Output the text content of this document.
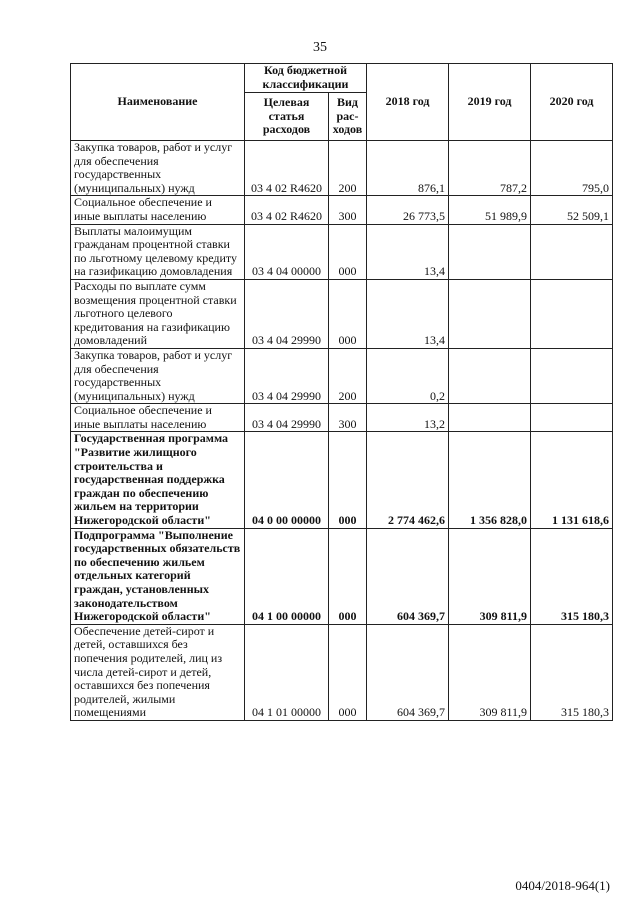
35
Наименование	Код бюджетной классификации		2018 год	2019 год	2020 год
	Целевая статья расходов	Вид рас-ходов			
Закупка товаров, работ и услуг для обеспечения государственных (муниципальных) нужд	03 4 02 R4620	200	876,1	787,2	795,0
Социальное обеспечение и иные выплаты населению	03 4 02 R4620	300	26 773,5	51 989,9	52 509,1
Выплаты малоимущим гражданам процентной ставки по льготному целевому кредиту на газификацию домовладения	03 4 04 00000	000	13,4		
Расходы по выплате сумм возмещения процентной ставки льготного целевого кредитования на газификацию домовладений	03 4 04 29990	000	13,4		
Закупка товаров, работ и услуг для обеспечения государственных (муниципальных) нужд	03 4 04 29990	200	0,2		
Социальное обеспечение и иные выплаты населению	03 4 04 29990	300	13,2		
Государственная программа "Развитие жилищного строительства и государственная поддержка граждан по обеспечению жильем на территории Нижегородской области"	04 0 00 00000	000	2 774 462,6	1 356 828,0	1 131 618,6
Подпрограмма "Выполнение государственных обязательств по обеспечению жильем отдельных категорий граждан, установленных законодательством Нижегородской области"	04 1 00 00000	000	604 369,7	309 811,9	315 180,3
Обеспечение детей-сирот и детей, оставшихся без попечения родителей, лиц из числа детей-сирот и детей, оставшихся без попечения родителей, жилыми помещениями	04 1 01 00000	000	604 369,7	309 811,9	315 180,3
0404/2018-964(1)
